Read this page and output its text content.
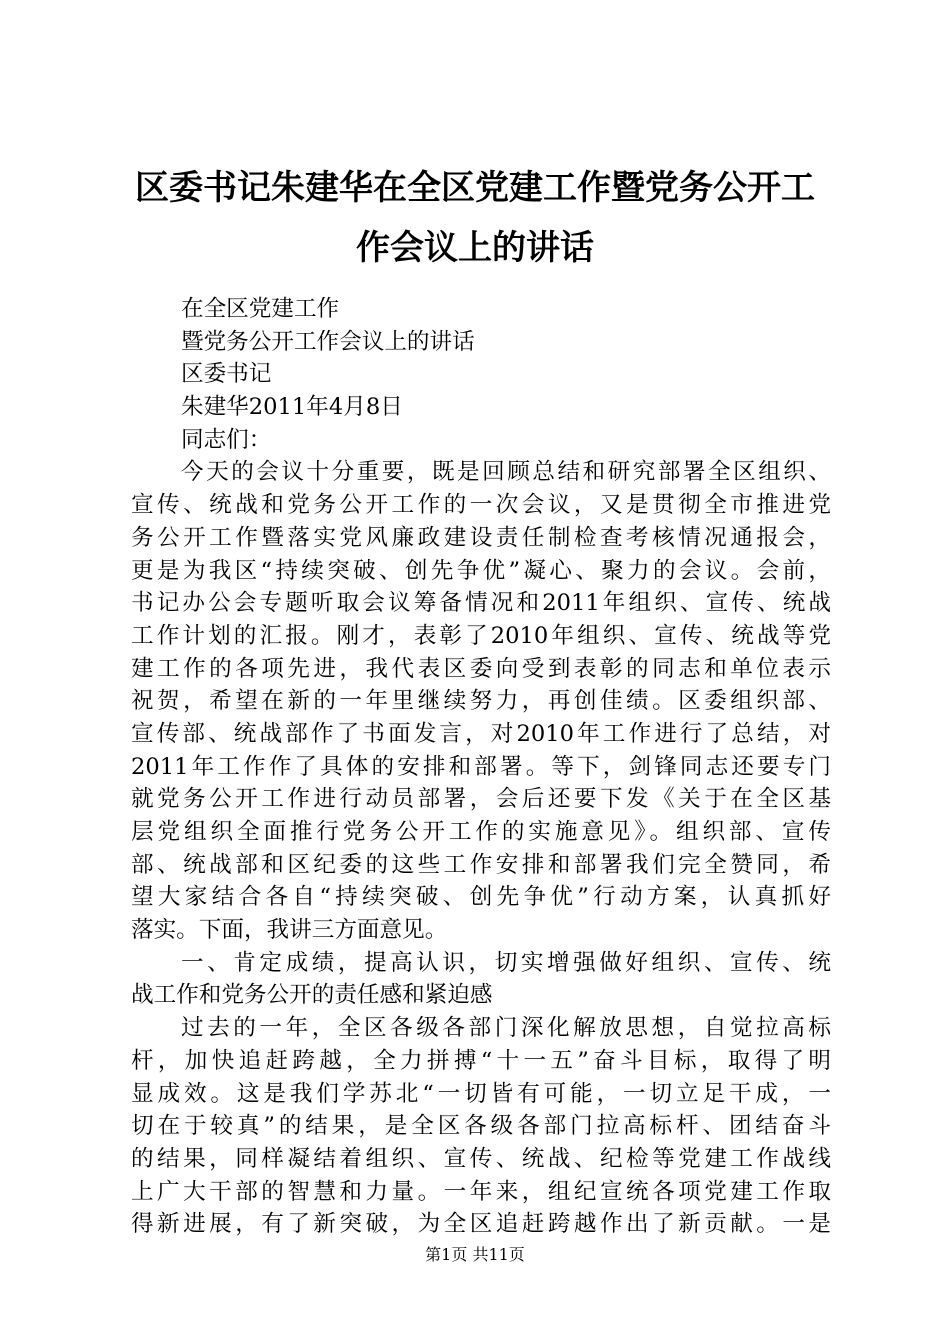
区委书记朱建华在全区党建工作暨党务公开工
作会议上的讲话
在全区党建工作
暨党务公开工作会议上的讲话
区委书记
朱建华2011年4月8日
同志们：
今天的会议十分重要，既是回顾总结和研究部署全区组织、
宣传、统战和党务公开工作的一次会议，又是贯彻全市推进党
务公开工作暨落实党风廉政建设责任制检查考核情况通报会，
更是为我区“持续突破、创先争优”凝心、聚力的会议。会前，
书记办公会专题听取会议筹备情况和2011年组织、宣传、统战
工作计划的汇报。刚才，表彰了2010年组织、宣传、统战等党
建工作的各项先进，我代表区委向受到表彰的同志和单位表示
祝贺，希望在新的一年里继续努力，再创佳绩。区委组织部、
宣传部、统战部作了书面发言，对2010年工作进行了总结，对
2011年工作作了具体的安排和部署。等下，剑锋同志还要专门
就党务公开工作进行动员部署，会后还要下发《关于在全区基
层党组织全面推行党务公开工作的实施意见》。组织部、宣传
部、统战部和区纪委的这些工作安排和部署我们完全赞同，希
望大家结合各自“持续突破、创先争优”行动方案，认真抓好
落实。下面，我讲三方面意见。
一、肯定成绩，提高认识，切实增强做好组织、宣传、统
战工作和党务公开的责任感和紧迫感
过去的一年，全区各级各部门深化解放思想，自觉拉高标
杆，加快追赶跨越，全力拼搏“十一五”奋斗目标，取得了明
显成效。这是我们学苏北“一切皆有可能，一切立足干成，一
切在于较真”的结果，是全区各级各部门拉高标杆、团结奋斗
的结果，同样凝结着组织、宣传、统战、纪检等党建工作战线
上广大干部的智慧和力量。一年来，组纪宣统各项党建工作取
得新进展，有了新突破，为全区追赶跨越作出了新贡献。一是
第1页 共11页
